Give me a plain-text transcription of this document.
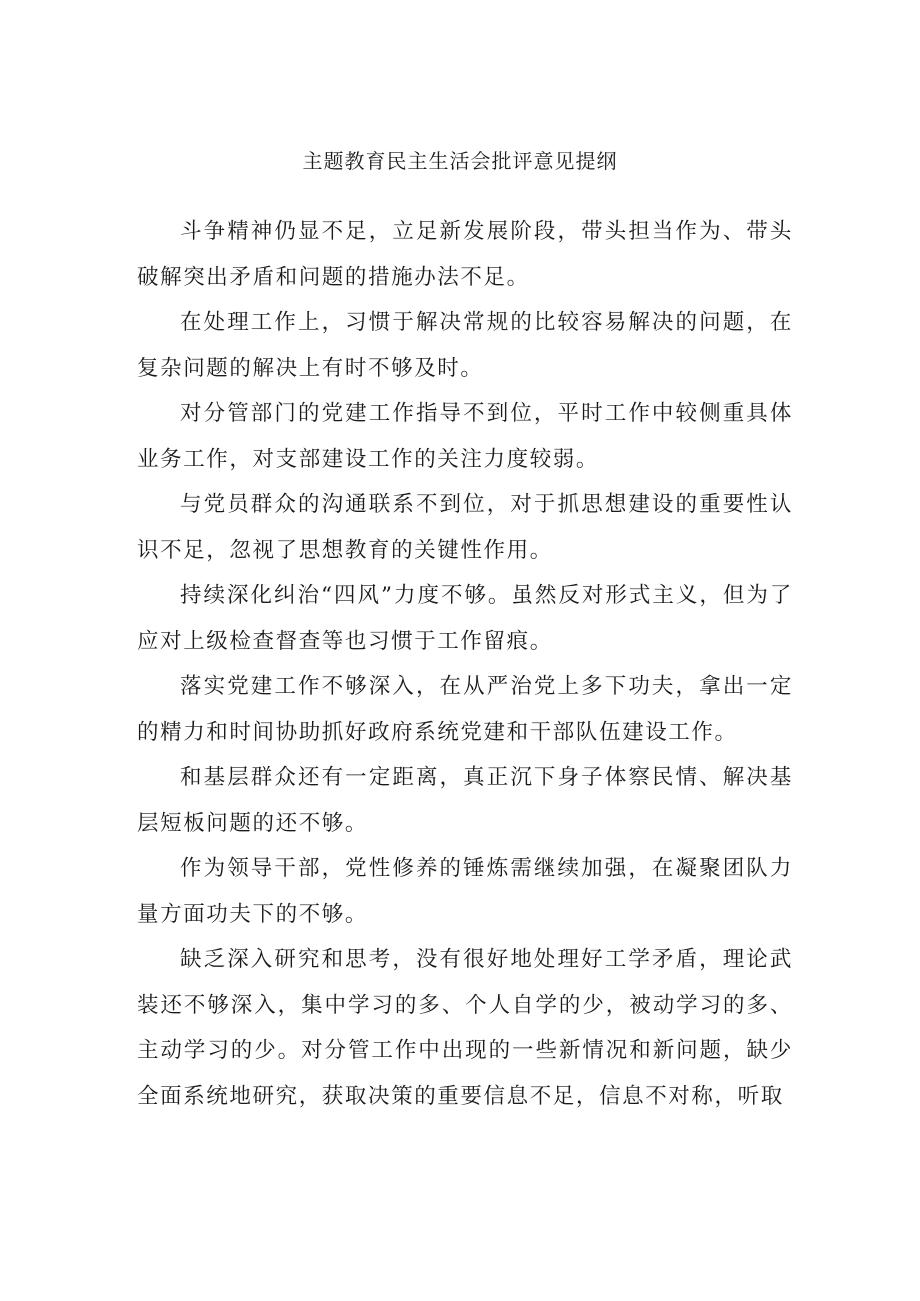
主题教育民主生活会批评意见提纲

斗争精神仍显不足，立足新发展阶段，带头担当作为、带头破解突出矛盾和问题的措施办法不足。

在处理工作上，习惯于解决常规的比较容易解决的问题，在复杂问题的解决上有时不够及时。

对分管部门的党建工作指导不到位，平时工作中较侧重具体业务工作，对支部建设工作的关注力度较弱。

与党员群众的沟通联系不到位，对于抓思想建设的重要性认识不足，忽视了思想教育的关键性作用。

持续深化纠治“四风”力度不够。虽然反对形式主义，但为了应对上级检查督查等也习惯于工作留痕。

落实党建工作不够深入，在从严治党上多下功夫，拿出一定的精力和时间协助抓好政府系统党建和干部队伍建设工作。

和基层群众还有一定距离，真正沉下身子体察民情、解决基层短板问题的还不够。

作为领导干部，党性修养的锤炼需继续加强，在凝聚团队力量方面功夫下的不够。

缺乏深入研究和思考，没有很好地处理好工学矛盾，理论武装还不够深入，集中学习的多、个人自学的少，被动学习的多、主动学习的少。对分管工作中出现的一些新情况和新问题，缺少全面系统地研究，获取决策的重要信息不足，信息不对称，听取
